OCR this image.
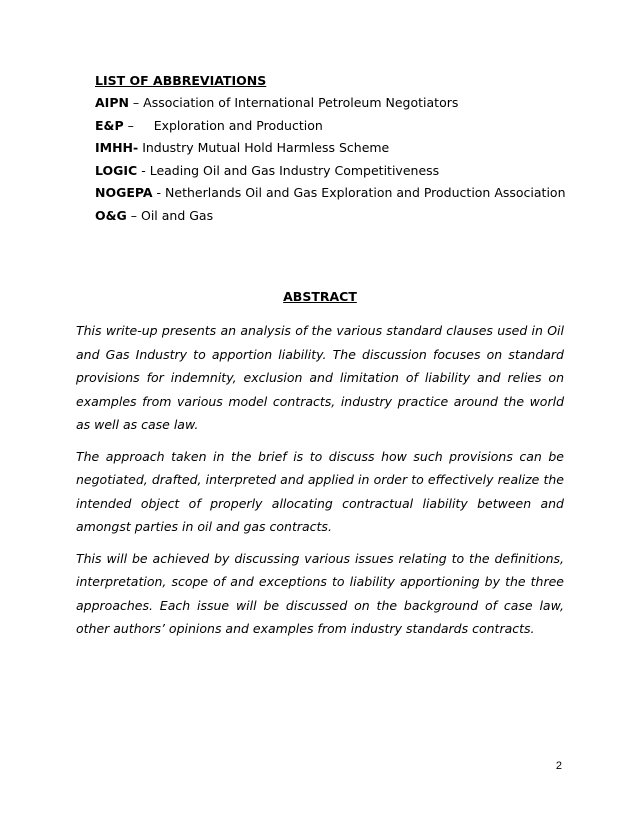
LIST OF ABBREVIATIONS
AIPN – Association of International Petroleum Negotiators
E&P –     Exploration and Production
IMHH- Industry Mutual Hold Harmless Scheme
LOGIC - Leading Oil and Gas Industry Competitiveness
NOGEPA - Netherlands Oil and Gas Exploration and Production Association
O&G – Oil and Gas
ABSTRACT

This write-up presents an analysis of the various standard clauses used in Oil and Gas Industry to apportion liability. The discussion focuses on standard provisions for indemnity, exclusion and limitation of liability and relies on examples from various model contracts, industry practice around the world as well as case law.

The approach taken in the brief is to discuss how such provisions can be negotiated, drafted, interpreted and applied in order to effectively realize the intended object of properly allocating contractual liability between and amongst parties in oil and gas contracts.

This will be achieved by discussing various issues relating to the definitions, interpretation, scope of and exceptions to liability apportioning by the three approaches. Each issue will be discussed on the background of case law, other authors’ opinions and examples from industry standards contracts.

2
